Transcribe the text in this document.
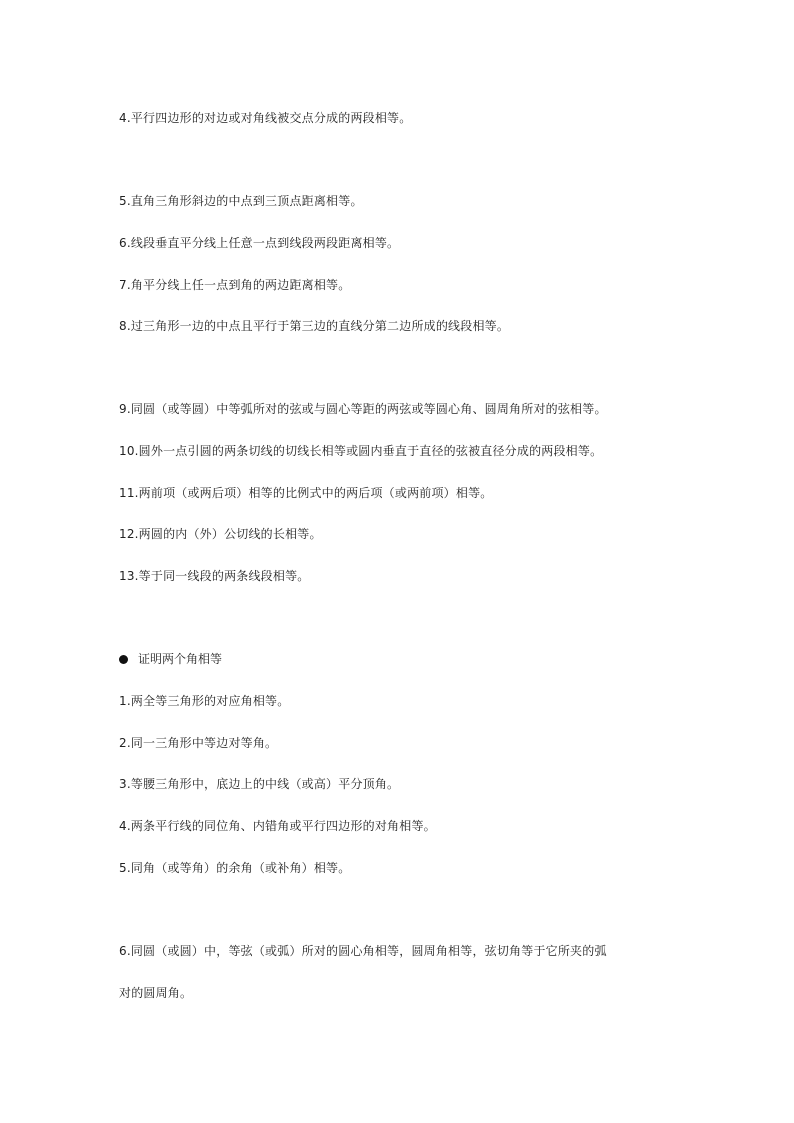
4.平行四边形的对边或对角线被交点分成的两段相等。
5.直角三角形斜边的中点到三顶点距离相等。
6.线段垂直平分线上任意一点到线段两段距离相等。
7.角平分线上任一点到角的两边距离相等。
8.过三角形一边的中点且平行于第三边的直线分第二边所成的线段相等。
9.同圆（或等圆）中等弧所对的弦或与圆心等距的两弦或等圆心角、圆周角所对的弦相等。
10.圆外一点引圆的两条切线的切线长相等或圆内垂直于直径的弦被直径分成的两段相等。
11.两前项（或两后项）相等的比例式中的两后项（或两前项）相等。
12.两圆的内（外）公切线的长相等。
13.等于同一线段的两条线段相等。
证明两个角相等
1.两全等三角形的对应角相等。
2.同一三角形中等边对等角。
3.等腰三角形中，底边上的中线（或高）平分顶角。
4.两条平行线的同位角、内错角或平行四边形的对角相等。
5.同角（或等角）的余角（或补角）相等。
6.同圆（或圆）中，等弦（或弧）所对的圆心角相等，圆周角相等，弦切角等于它所夹的弧
对的圆周角。
